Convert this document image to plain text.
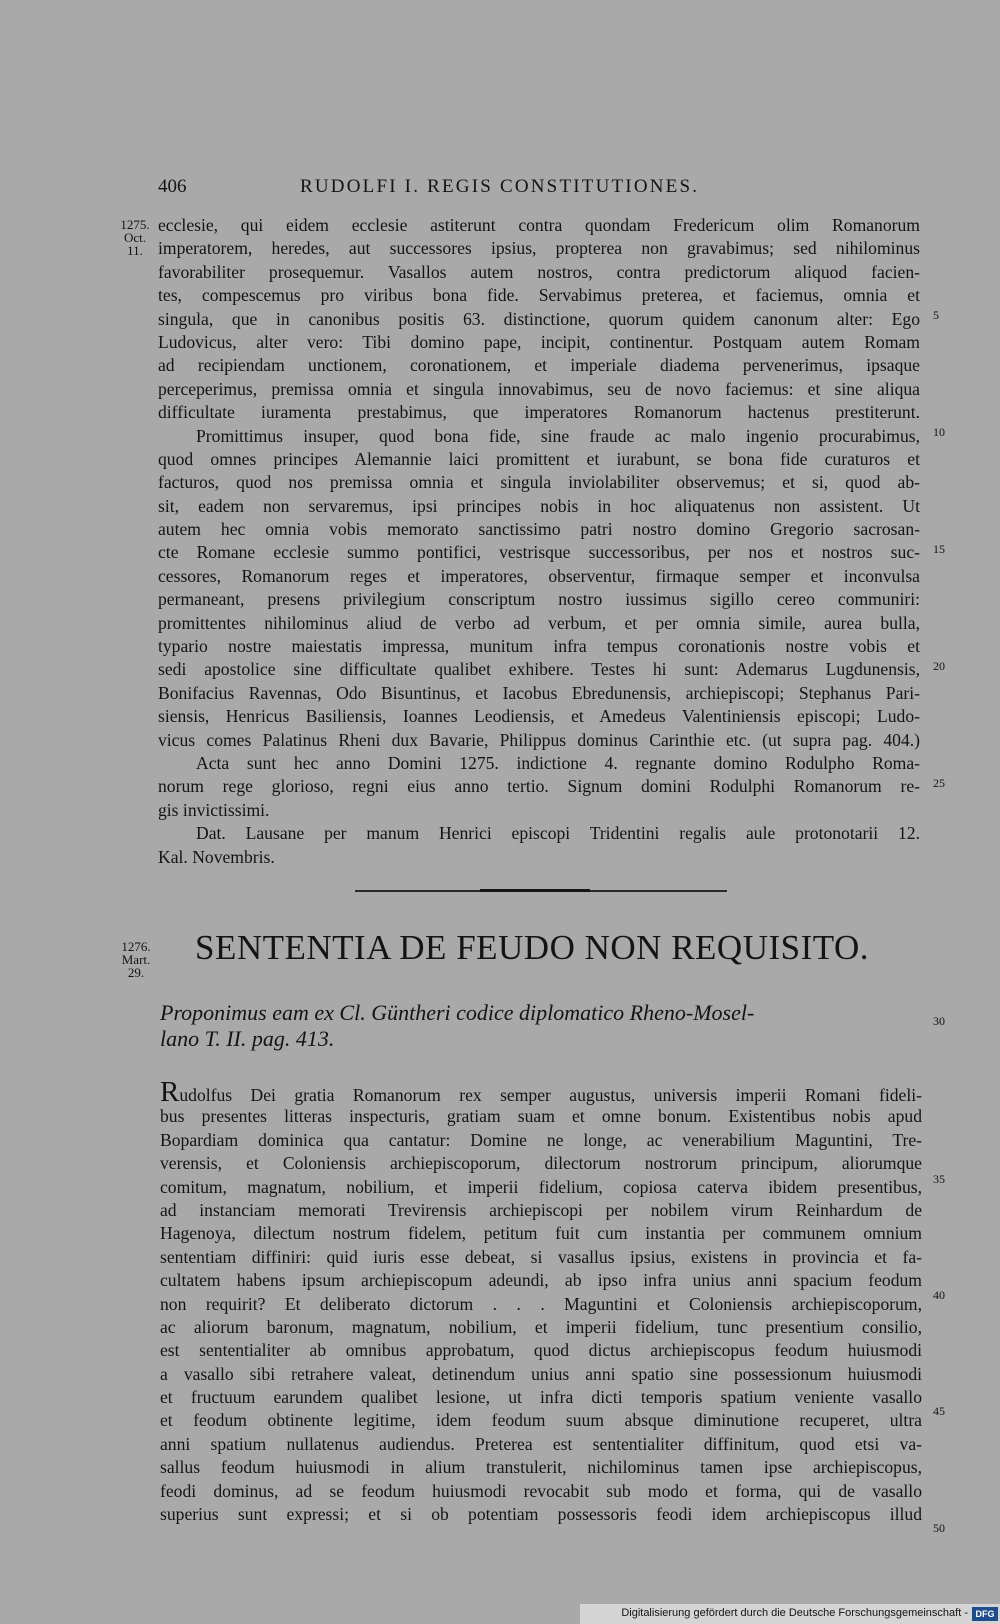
406	RUDOLFI I. REGIS CONSTITUTIONES.
1275.
Oct.
11.
ecclesie, qui eidem ecclesie astiterunt contra quondam Fredericum olim Romanorum
imperatorem, heredes, aut successores ipsius, propterea non gravabimus; sed nihilominus
favorabiliter prosequemur. Vasallos autem nostros, contra predictorum aliquod facien-
tes, compescemus pro viribus bona fide. Servabimus preterea, et faciemus, omnia et
singula, que in canonibus positis 63. distinctione, quorum quidem canonum alter: Ego
Ludovicus, alter vero: Tibi domino pape, incipit, continentur. Postquam autem Romam
ad recipiendam unctionem, coronationem, et imperiale diadema pervenerimus, ipsaque
perceperimus, premissa omnia et singula innovabimus, seu de novo faciemus: et sine aliqua
difficultate iuramenta prestabimus, que imperatores Romanorum hactenus prestiterunt.
Promittimus insuper, quod bona fide, sine fraude ac malo ingenio procurabimus,
quod omnes principes Alemannie laici promittent et iurabunt, se bona fide curaturos et
facturos, quod nos premissa omnia et singula inviolabiliter observemus; et si, quod ab-
sit, eadem non servaremus, ipsi principes nobis in hoc aliquatenus non assistent. Ut
autem hec omnia vobis memorato sanctissimo patri nostro domino Gregorio sacrosan-
cte Romane ecclesie summo pontifici, vestrisque successoribus, per nos et nostros suc-
cessores, Romanorum reges et imperatores, observentur, firmaque semper et inconvulsa
permaneant, presens privilegium conscriptum nostro iussimus sigillo cereo communiri:
promittentes nihilominus aliud de verbo ad verbum, et per omnia simile, aurea bulla,
typario nostre maiestatis impressa, munitum infra tempus coronationis nostre vobis et
sedi apostolice sine difficultate qualibet exhibere. Testes hi sunt: Ademarus Lugdunensis,
Bonifacius Ravennas, Odo Bisuntinus, et Iacobus Ebredunensis, archiepiscopi; Stephanus Pari-
siensis, Henricus Basiliensis, Ioannes Leodiensis, et Amedeus Valentiniensis episcopi; Ludo-
vicus comes Palatinus Rheni dux Bavarie, Philippus dominus Carinthie etc. (ut supra pag. 404.)
Acta sunt hec anno Domini 1275. indictione 4. regnante domino Rodulpho Roma-
norum rege glorioso, regni eius anno tertio. Signum domini Rodulphi Romanorum re-
gis invictissimi.
Dat. Lausane per manum Henrici episcopi Tridentini regalis aule protonotarii 12.
Kal. Novembris.
5
10
15
20
25
1276.
Mart.
29.
SENTENTIA DE FEUDO NON REQUISITO.
Proponimus eam ex Cl. Güntheri codice diplomatico Rheno-Mosel-
lano T. II. pag. 413.
Rudolfus Dei gratia Romanorum rex semper augustus, universis imperii Romani fideli-
bus presentes litteras inspecturis, gratiam suam et omne bonum. Existentibus nobis apud
Bopardiam dominica qua cantatur: Domine ne longe, ac venerabilium Maguntini, Tre-
verensis, et Coloniensis archiepiscoporum, dilectorum nostrorum principum, aliorumque
comitum, magnatum, nobilium, et imperii fidelium, copiosa caterva ibidem presentibus,
ad instanciam memorati Trevirensis archiepiscopi per nobilem virum Reinhardum de
Hagenoya, dilectum nostrum fidelem, petitum fuit cum instantia per communem omnium
sententiam diffiniri: quid iuris esse debeat, si vasallus ipsius, existens in provincia et fa-
cultatem habens ipsum archiepiscopum adeundi, ab ipso infra unius anni spacium feodum
non requirit? Et deliberato dictorum . . . Maguntini et Coloniensis archiepiscoporum,
ac aliorum baronum, magnatum, nobilium, et imperii fidelium, tunc presentium consilio,
est sententialiter ab omnibus approbatum, quod dictus archiepiscopus feodum huiusmodi
a vasallo sibi retrahere valeat, detinendum unius anni spatio sine possessionum huiusmodi
et fructuum earundem qualibet lesione, ut infra dicti temporis spatium veniente vasallo
et feodum obtinente legitime, idem feodum suum absque diminutione recuperet, ultra
anni spatium nullatenus audiendus. Preterea est sententialiter diffinitum, quod etsi va-
sallus feodum huiusmodi in alium transtulerit, nichilominus tamen ipse archiepiscopus,
feodi dominus, ad se feodum huiusmodi revocabit sub modo et forma, qui de vasallo
superius sunt expressi; et si ob potentiam possessoris feodi idem archiepiscopus illud
30
35
40
45
50
Digitalisierung gefördert durch die Deutsche Forschungsgemeinschaft - DFG
